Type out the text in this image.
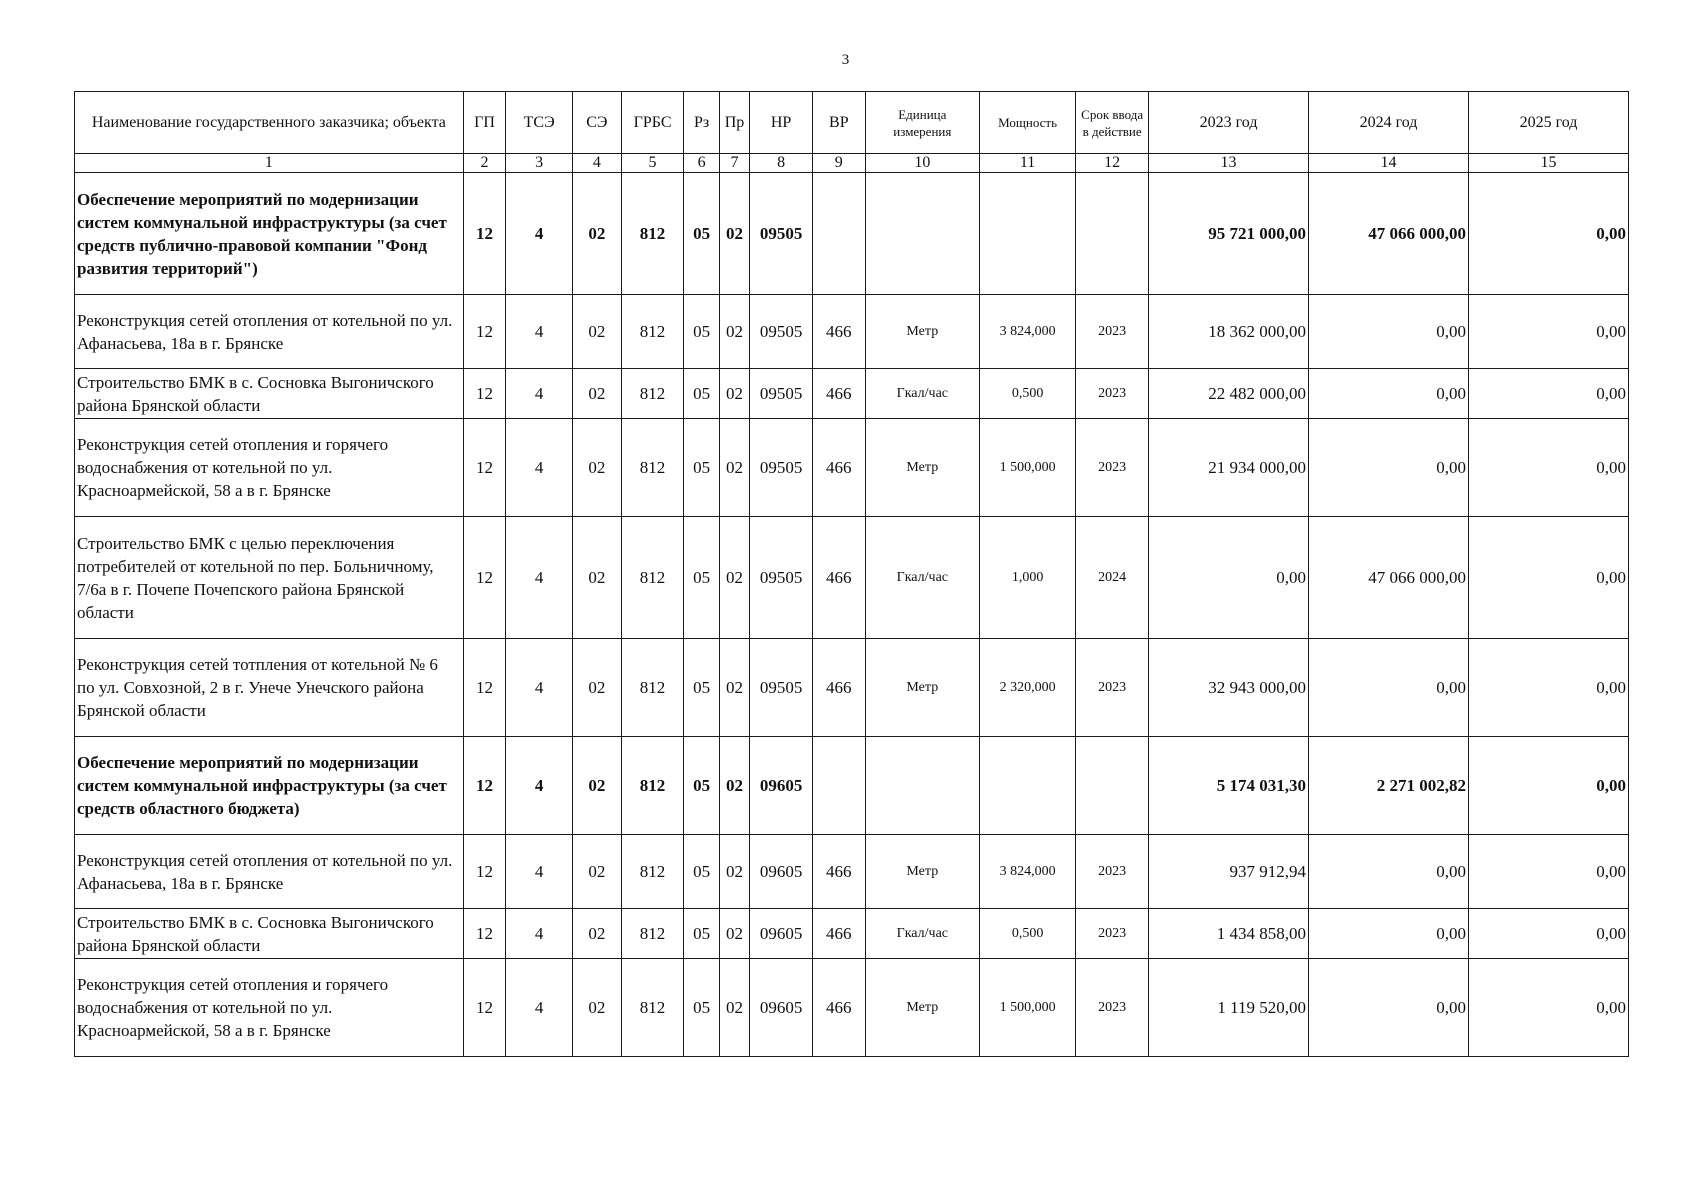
3
Наименование государственного заказчика; объекта	ГП	ТСЭ	СЭ	ГРБС	Рз	Пр	НР	ВР	Единица измерения	Мощность	Срок ввода в действие	2023 год	2024 год	2025 год
1	2	3	4	5	6	7	8	9	10	11	12	13	14	15
Обеспечение мероприятий по модернизации систем коммунальной инфраструктуры (за счет средств публично-правовой компании "Фонд развития территорий")	12	4	02	812	05	02	09505					95 721 000,00	47 066 000,00	0,00
Реконструкция сетей отопления от котельной по ул. Афанасьева, 18а в г. Брянске	12	4	02	812	05	02	09505	466	Метр	3 824,000	2023	18 362 000,00	0,00	0,00
Строительство БМК в с. Сосновка Выгоничского района Брянской области	12	4	02	812	05	02	09505	466	Гкал/час	0,500	2023	22 482 000,00	0,00	0,00
Реконструкция сетей отопления и горячего водоснабжения от котельной по ул. Красноармейской, 58 а в г. Брянске	12	4	02	812	05	02	09505	466	Метр	1 500,000	2023	21 934 000,00	0,00	0,00
Строительство БМК с целью переключения потребителей от котельной по пер. Больничному, 7/6а в г. Почепе Почепского района Брянской области	12	4	02	812	05	02	09505	466	Гкал/час	1,000	2024	0,00	47 066 000,00	0,00
Реконструкция сетей тотпления от котельной № 6 по ул. Совхозной, 2 в г. Унече Унечского района Брянской области	12	4	02	812	05	02	09505	466	Метр	2 320,000	2023	32 943 000,00	0,00	0,00
Обеспечение мероприятий по модернизации систем коммунальной инфраструктуры (за счет средств областного бюджета)	12	4	02	812	05	02	09605					5 174 031,30	2 271 002,82	0,00
Реконструкция сетей отопления от котельной по ул. Афанасьева, 18а в г. Брянске	12	4	02	812	05	02	09605	466	Метр	3 824,000	2023	937 912,94	0,00	0,00
Строительство БМК в с. Сосновка Выгоничского района Брянской области	12	4	02	812	05	02	09605	466	Гкал/час	0,500	2023	1 434 858,00	0,00	0,00
Реконструкция сетей отопления и горячего водоснабжения от котельной по ул. Красноармейской, 58 а в г. Брянске	12	4	02	812	05	02	09605	466	Метр	1 500,000	2023	1 119 520,00	0,00	0,00
